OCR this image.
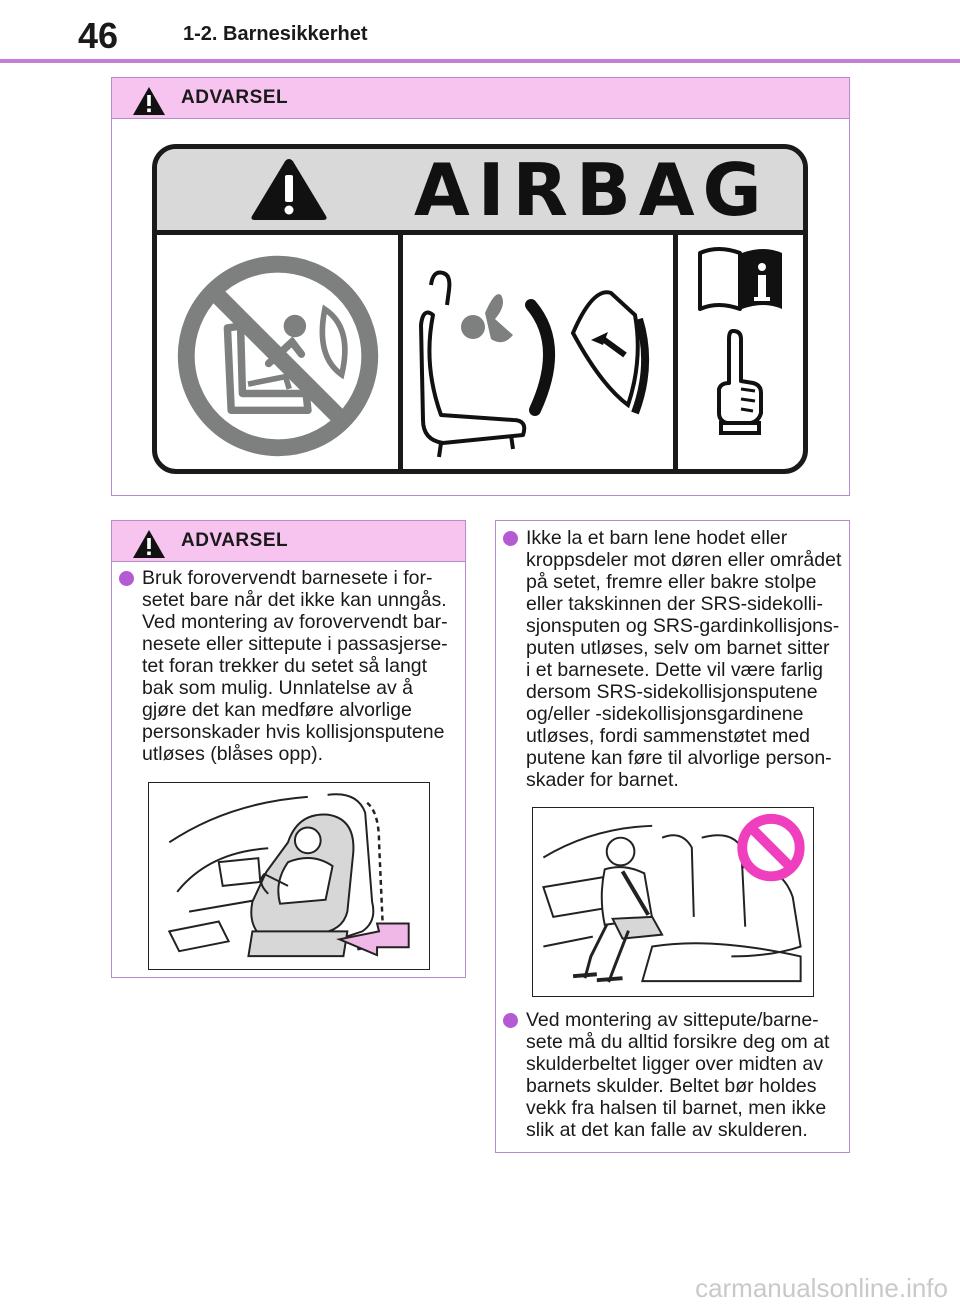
46	1-2. Barnesikkerhet
ADVARSEL
AIRBAG
ADVARSEL

Bruk forovervendt barnesete i for-
setet bare når det ikke kan unngås.
Ved montering av forovervendt bar-
nesete eller sittepute i passasjerse-
tet foran trekker du setet så langt
bak som mulig. Unnlatelse av å
gjøre det kan medføre alvorlige
personskader hvis kollisjonsputene
utløses (blåses opp).

Ikke la et barn lene hodet eller
kroppsdeler mot døren eller området
på setet, fremre eller bakre stolpe
eller takskinnen der SRS-sidekolli-
sjonsputen og SRS-gardinkollisjons-
puten utløses, selv om barnet sitter
i et barnesete. Dette vil være farlig
dersom SRS-sidekollisjonsputene
og/eller -sidekollisjonsgardinene
utløses, fordi sammenstøtet med
putene kan føre til alvorlige person-
skader for barnet.

Ved montering av sittepute/barne-
sete må du alltid forsikre deg om at
skulderbeltet ligger over midten av
barnets skulder. Beltet bør holdes
vekk fra halsen til barnet, men ikke
slik at det kan falle av skulderen.

carmanualsonline.info
